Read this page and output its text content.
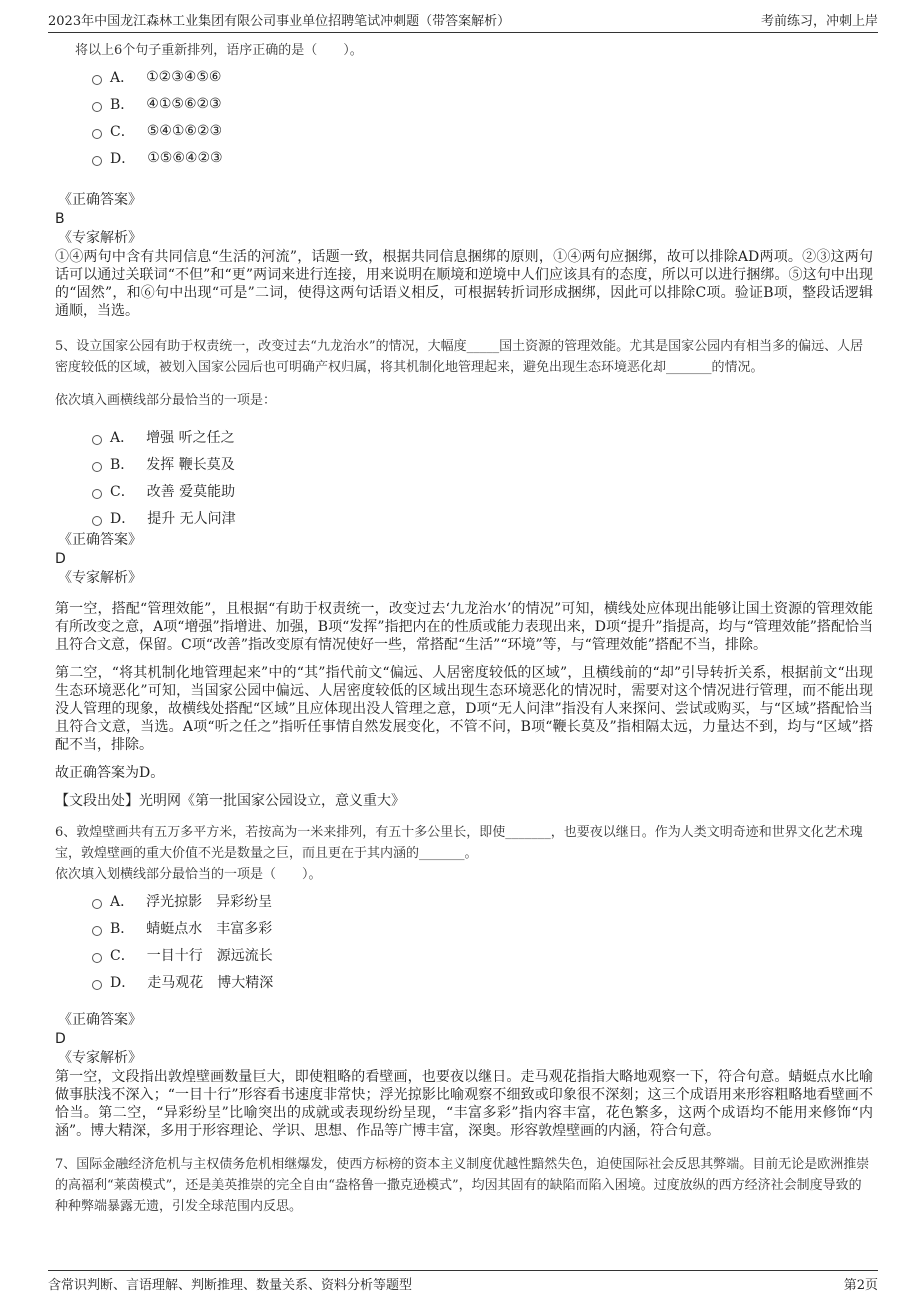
2023年中国龙江森林工业集团有限公司事业单位招聘笔试冲刺题（带答案解析）	考前练习，冲刺上岸

将以上6个句子重新排列，语序正确的是（　　）。

A． ①②③④⑤⑥
B． ④①⑤⑥②③
C． ⑤④①⑥②③
D． ①⑤⑥④②③
《正确答案》
B
《专家解析》

①④两句中含有共同信息“生活的河流”，话题一致，根据共同信息捆绑的原则，①④两句应捆绑，故可以排除AD两项。②③这两句话可以通过关联词“不但”和“更”两词来进行连接，用来说明在顺境和逆境中人们应该具有的态度，所以可以进行捆绑。⑤这句中出现的“固然”，和⑥句中出现“可是”二词，使得这两句话语义相反，可根据转折词形成捆绑，因此可以排除C项。验证B项，整段话逻辑通顺，当选。

5、设立国家公园有助于权责统一，改变过去“九龙治水”的情况，大幅度_____国土资源的管理效能。尤其是国家公园内有相当多的偏远、人居密度较低的区域，被划入国家公园后也可明确产权归属，将其机制化地管理起来，避免出现生态环境恶化却_______的情况。

依次填入画横线部分最恰当的一项是：

A． 增强 听之任之
B． 发挥 鞭长莫及
C． 改善 爱莫能助
D． 提升 无人问津
《正确答案》
D
《专家解析》

第一空，搭配“管理效能”，且根据“有助于权责统一，改变过去‘九龙治水’的情况”可知，横线处应体现出能够让国土资源的管理效能有所改变之意，A项“增强”指增进、加强，B项“发挥”指把内在的性质或能力表现出来，D项“提升”指提高，均与“管理效能”搭配恰当且符合文意，保留。C项“改善”指改变原有情况使好一些，常搭配“生活”“环境”等，与“管理效能”搭配不当，排除。

第二空，“将其机制化地管理起来”中的“其”指代前文“偏远、人居密度较低的区域”，且横线前的“却”引导转折关系，根据前文“出现生态环境恶化”可知，当国家公园中偏远、人居密度较低的区域出现生态环境恶化的情况时，需要对这个情况进行管理，而不能出现没人管理的现象，故横线处搭配“区域”且应体现出没人管理之意，D项“无人问津”指没有人来探问、尝试或购买，与“区域”搭配恰当且符合文意，当选。A项“听之任之”指听任事情自然发展变化，不管不问，B项“鞭长莫及”指相隔太远，力量达不到，均与“区域”搭配不当，排除。

故正确答案为D。

【文段出处】光明网《第一批国家公园设立，意义重大》

6、敦煌壁画共有五万多平方米，若按高为一米来排列，有五十多公里长，即使_______，也要夜以继日。作为人类文明奇迹和世界文化艺术瑰宝，敦煌壁画的重大价值不光是数量之巨，而且更在于其内涵的_______。

依次填入划横线部分最恰当的一项是（　　）。

A． 浮光掠影　异彩纷呈
B． 蜻蜓点水　丰富多彩
C． 一目十行　源远流长
D． 走马观花　博大精深
《正确答案》
D
《专家解析》

第一空，文段指出敦煌壁画数量巨大，即使粗略的看壁画，也要夜以继日。走马观花指指大略地观察一下，符合句意。蜻蜓点水比喻做事肤浅不深入；“一目十行”形容看书速度非常快；浮光掠影比喻观察不细致或印象很不深刻；这三个成语用来形容粗略地看壁画不恰当。第二空，“异彩纷呈”比喻突出的成就或表现纷纷呈现，“丰富多彩”指内容丰富，花色繁多，这两个成语均不能用来修饰“内涵”。博大精深，多用于形容理论、学识、思想、作品等广博丰富，深奥。形容敦煌壁画的内涵，符合句意。

7、国际金融经济危机与主权债务危机相继爆发，使西方标榜的资本主义制度优越性黯然失色，迫使国际社会反思其弊端。目前无论是欧洲推崇的高福利“莱茵模式”，还是美英推崇的完全自由“盎格鲁一撒克逊模式”，均因其固有的缺陷而陷入困境。过度放纵的西方经济社会制度导致的种种弊端暴露无遗，引发全球范围内反思。

含常识判断、言语理解、判断推理、数量关系、资料分析等题型	第2页
